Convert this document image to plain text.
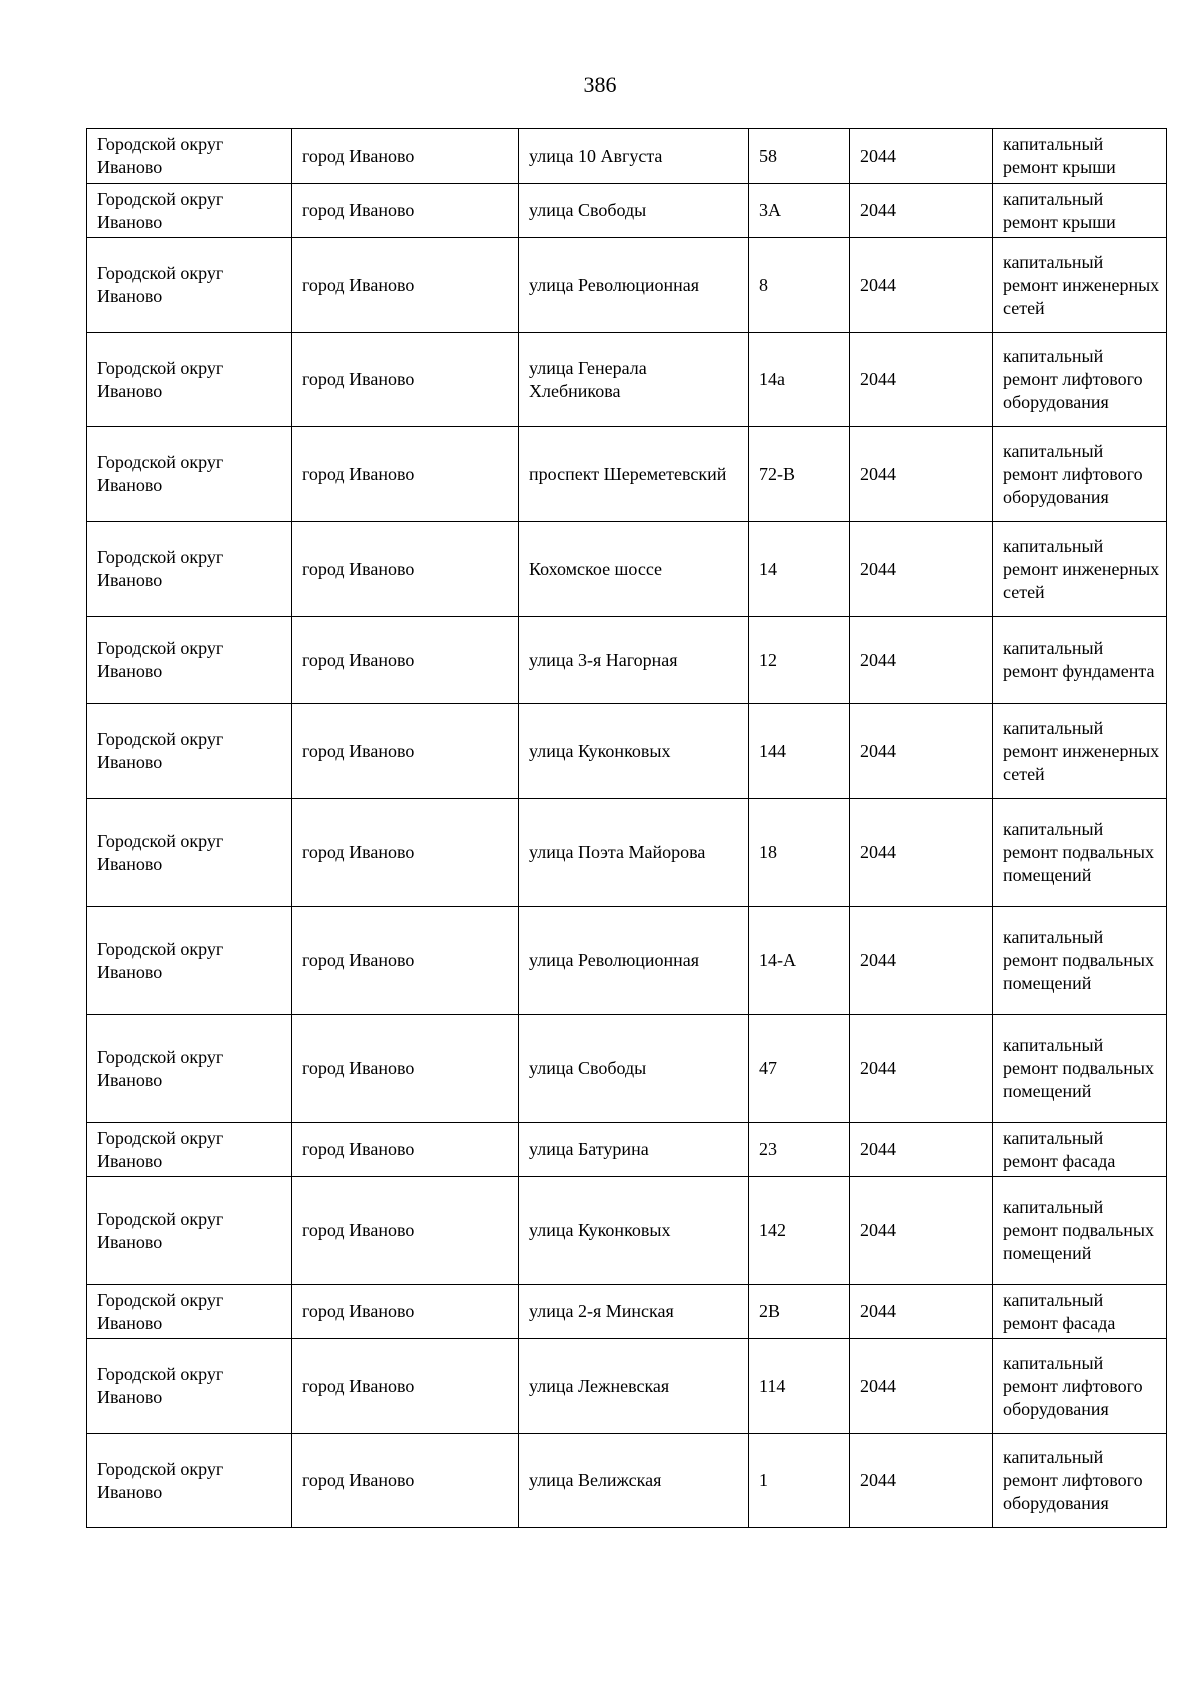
386
Городской округ Иваново	город Иваново	улица 10 Августа	58	2044	капитальный ремонт крыши
Городской округ Иваново	город Иваново	улица Свободы	3А	2044	капитальный ремонт крыши
Городской округ Иваново	город Иваново	улица Революционная	8	2044	капитальный ремонт инженерных сетей
Городской округ Иваново	город Иваново	улица Генерала Хлебникова	14а	2044	капитальный ремонт лифтового оборудования
Городской округ Иваново	город Иваново	проспект Шереметевский	72-В	2044	капитальный ремонт лифтового оборудования
Городской округ Иваново	город Иваново	Кохомское шоссе	14	2044	капитальный ремонт инженерных сетей
Городской округ Иваново	город Иваново	улица 3-я Нагорная	12	2044	капитальный ремонт фундамента
Городской округ Иваново	город Иваново	улица Куконковых	144	2044	капитальный ремонт инженерных сетей
Городской округ Иваново	город Иваново	улица Поэта Майорова	18	2044	капитальный ремонт подвальных помещений
Городской округ Иваново	город Иваново	улица Революционная	14-А	2044	капитальный ремонт подвальных помещений
Городской округ Иваново	город Иваново	улица Свободы	47	2044	капитальный ремонт подвальных помещений
Городской округ Иваново	город Иваново	улица Батурина	23	2044	капитальный ремонт фасада
Городской округ Иваново	город Иваново	улица Куконковых	142	2044	капитальный ремонт подвальных помещений
Городской округ Иваново	город Иваново	улица 2-я Минская	2В	2044	капитальный ремонт фасада
Городской округ Иваново	город Иваново	улица Лежневская	114	2044	капитальный ремонт лифтового оборудования
Городской округ Иваново	город Иваново	улица Велижская	1	2044	капитальный ремонт лифтового оборудования
